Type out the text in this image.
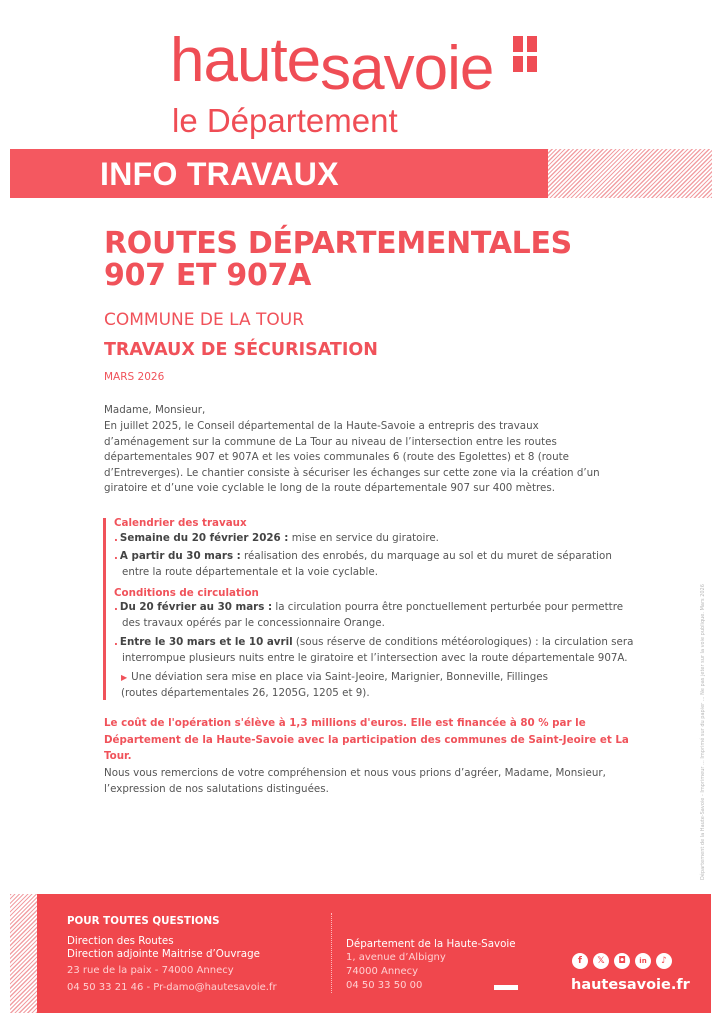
hautesavoie
le Département
INFO TRAVAUX
ROUTES DÉPARTEMENTALES
907 ET 907A
COMMUNE DE LA TOUR
TRAVAUX DE SÉCURISATION
MARS 2026
Madame, Monsieur,
En juillet 2025, le Conseil départemental de la Haute-Savoie a entrepris des travaux d’aménagement sur la commune de La Tour au niveau de l’intersection entre les routes départementales 907 et 907A et les voies communales 6 (route des Egolettes) et 8 (route d’Entreverges). Le chantier consiste à sécuriser les échanges sur cette zone via la création d’un giratoire et d’une voie cyclable le long de la route départementale 907 sur 400 mètres.
Calendrier des travaux
. Semaine du 20 février 2026 : mise en service du giratoire.
. A partir du 30 mars : réalisation des enrobés, du marquage au sol et du muret de séparation entre la route départementale et la voie cyclable.
Conditions de circulation
. Du 20 février au 30 mars : la circulation pourra être ponctuellement perturbée pour permettre des travaux opérés par le concessionnaire Orange.
. Entre le 30 mars et le 10 avril (sous réserve de conditions météorologiques) : la circulation sera interrompue plusieurs nuits entre le giratoire et l’intersection avec la route départementale 907A.
▶ Une déviation sera mise en place via Saint-Jeoire, Marignier, Bonneville, Fillinges
(routes départementales 26, 1205G, 1205 et 9).
Le coût de l'opération s'élève à 1,3 millions d'euros. Elle est financée à 80 % par le Département de la Haute-Savoie avec la participation des communes de Saint-Jeoire et La Tour.
Nous vous remercions de votre compréhension et nous vous prions d’agréer, Madame, Monsieur, l’expression de nos salutations distinguées.	Département de la Haute-Savoie - Imprimeur ... Imprimé sur du papier ... Ne pas jeter sur la voie publique. Mars 2026
POUR TOUTES QUESTIONS
Direction des Routes
Direction adjointe Maitrise d’Ouvrage
23 rue de la paix - 74000 Annecy
04 50 33 21 46 - Pr-damo@hautesavoie.fr
Département de la Haute-Savoie
1, avenue d’Albigny
74000 Annecy
04 50 33 50 00
f	𝕏	◘	in	♪
hautesavoie.fr
